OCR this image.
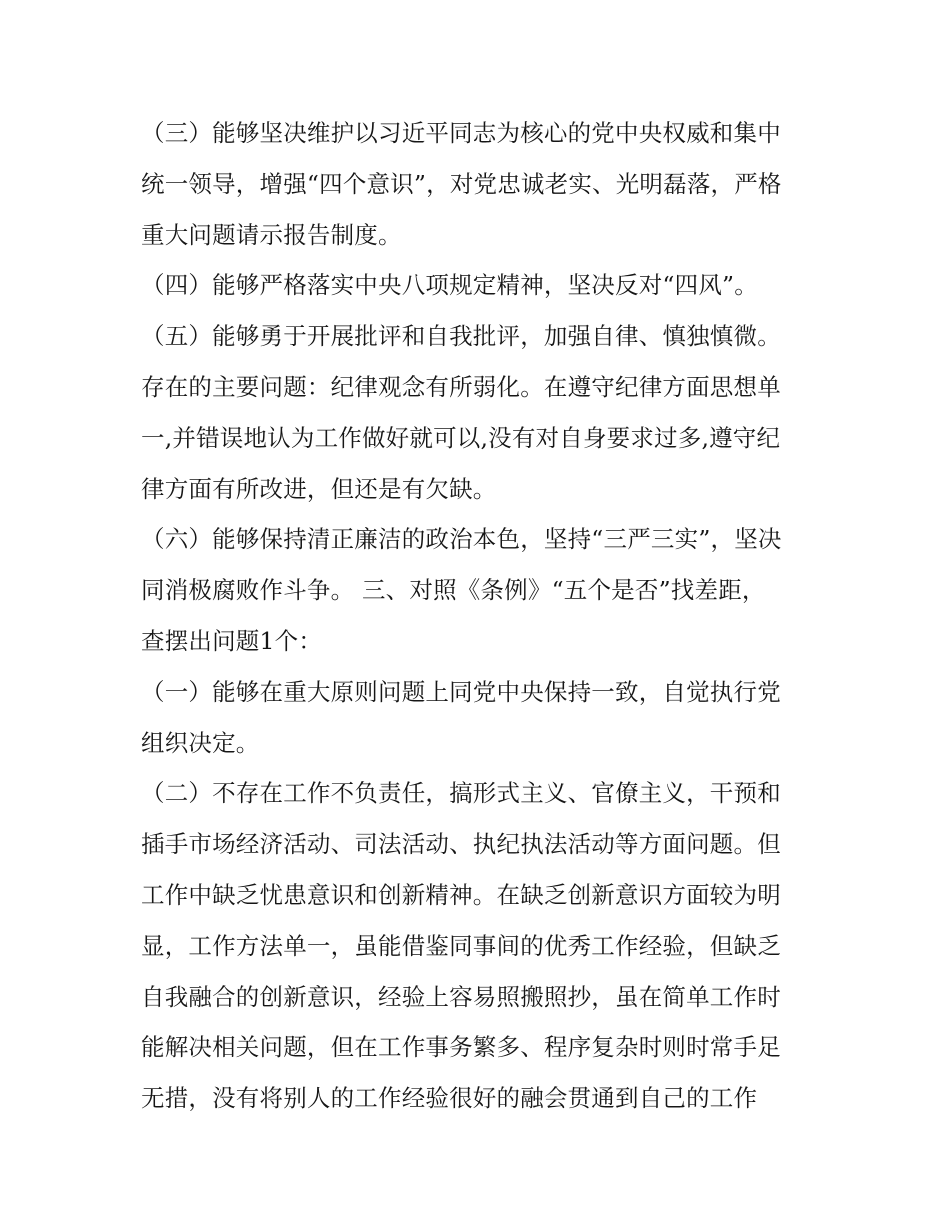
（三）能够坚决维护以习近平同志为核心的党中央权威和集中
统一领导，增强“四个意识”，对党忠诚老实、光明磊落，严格
重大问题请示报告制度。
（四）能够严格落实中央八项规定精神，坚决反对“四风”。
（五）能够勇于开展批评和自我批评，加强自律、慎独慎微。
存在的主要问题：纪律观念有所弱化。在遵守纪律方面思想单
一,并错误地认为工作做好就可以,没有对自身要求过多,遵守纪
律方面有所改进，但还是有欠缺。
（六）能够保持清正廉洁的政治本色，坚持“三严三实”，坚决
同消极腐败作斗争。 三、对照《条例》“五个是否”找差距，
查摆出问题1个：
（一）能够在重大原则问题上同党中央保持一致，自觉执行党
组织决定。
（二）不存在工作不负责任，搞形式主义、官僚主义，干预和
插手市场经济活动、司法活动、执纪执法活动等方面问题。但
工作中缺乏忧患意识和创新精神。在缺乏创新意识方面较为明
显，工作方法单一，虽能借鉴同事间的优秀工作经验，但缺乏
自我融合的创新意识，经验上容易照搬照抄，虽在简单工作时
能解决相关问题，但在工作事务繁多、程序复杂时则时常手足
无措，没有将别人的工作经验很好的融会贯通到自己的工作
